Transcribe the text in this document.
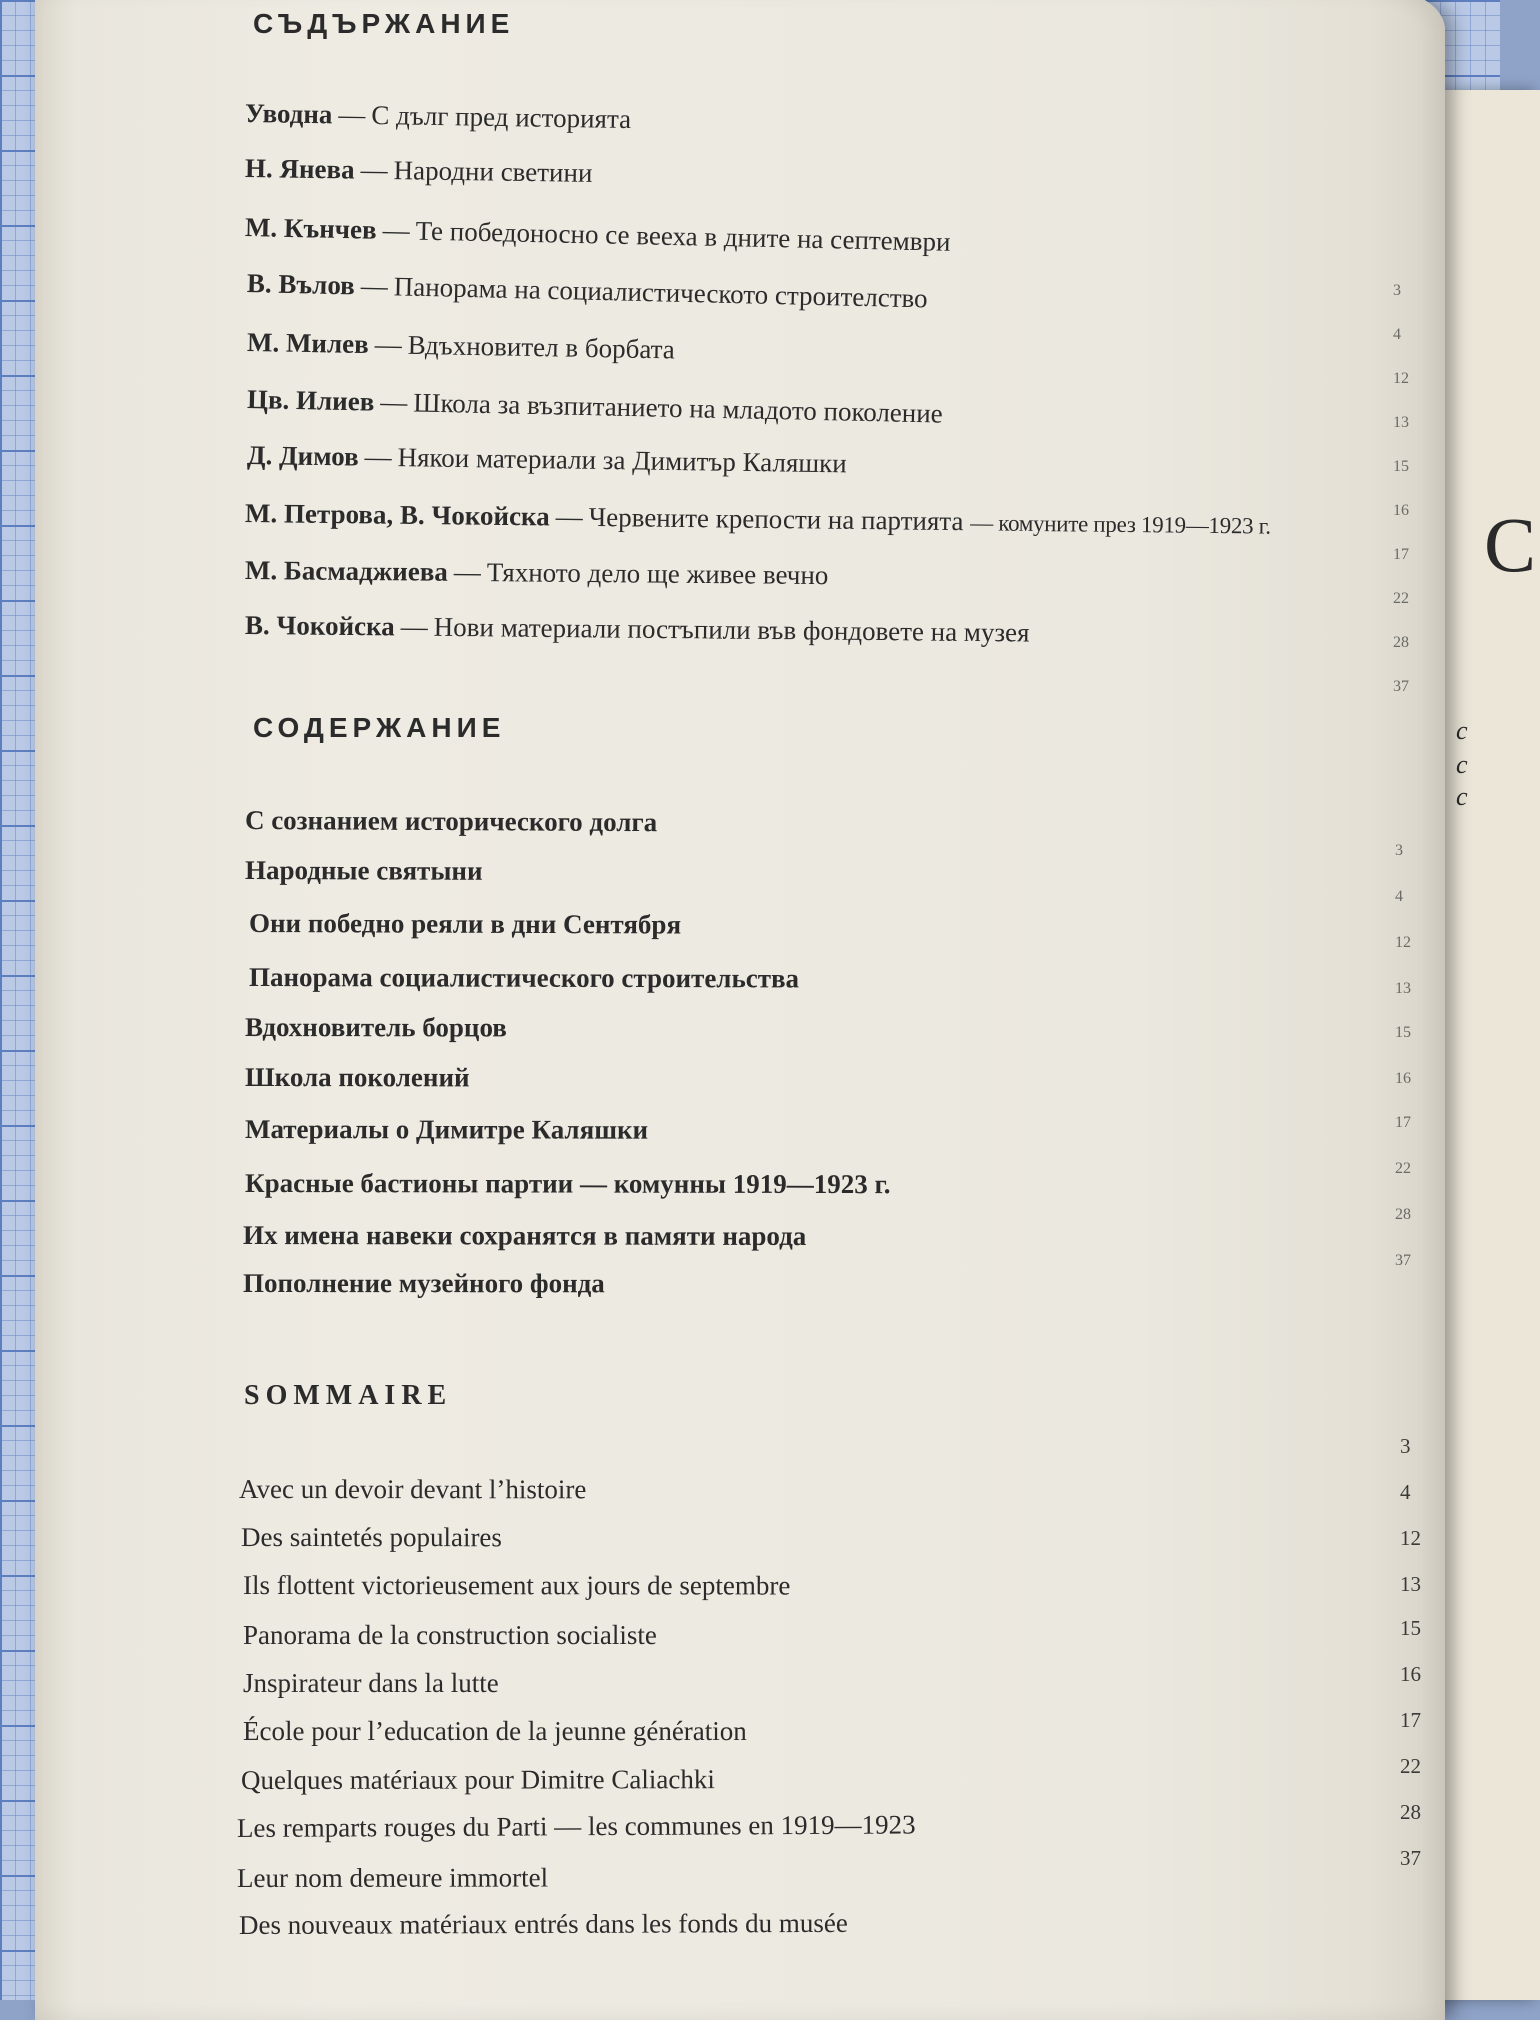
С
с
с
с
СЪДЪРЖАНИЕ
Уводна — С дълг пред историята
Н. Янева — Народни светини
М. Кънчев — Те победоносно се вееха в дните на септември
В. Вълов — Панорама на социалистическото строителство
М. Милев — Вдъхновител в борбата
Цв. Илиев — Школа за възпитанието на младото поколение
Д. Димов — Някои материали за Димитър Каляшки
М. Петрова, В. Чокойска — Червените крепости на партията — комуните през 1919—1923 г.
М. Басмаджиева — Тяхното дело ще живее вечно
В. Чокойска — Нови материали постъпили във фондовете на музея
3
4
12
13
15
16
17
22
28
37
СОДЕРЖАНИЕ
С сознанием исторического долга
Народные святыни
Они победно реяли в дни Сентября
Панорама социалистического строительства
Вдохновитель борцов
Школа поколений
Материалы о Димитре Каляшки
Красные бастионы партии — комунны 1919—1923 г.
Их имена навеки сохранятся в памяти народа
Пополнение музейного фонда
3
4
12
13
15
16
17
22
28
37
SOMMAIRE
Avec un devoir devant l’histoire
Des saintetés populaires
Ils flottent victorieusement aux jours de septembre
Panorama de la construction socialiste
Jnspirateur dans la lutte
École pour l’education de la jeunne génération
Quelques matériaux pour Dimitre Caliachki
Les remparts rouges du Parti — les communes en 1919—1923
Leur nom demeure immortel
Des nouveaux matériaux entrés dans les fonds du musée
3
4
12
13
15
16
17
22
28
37
